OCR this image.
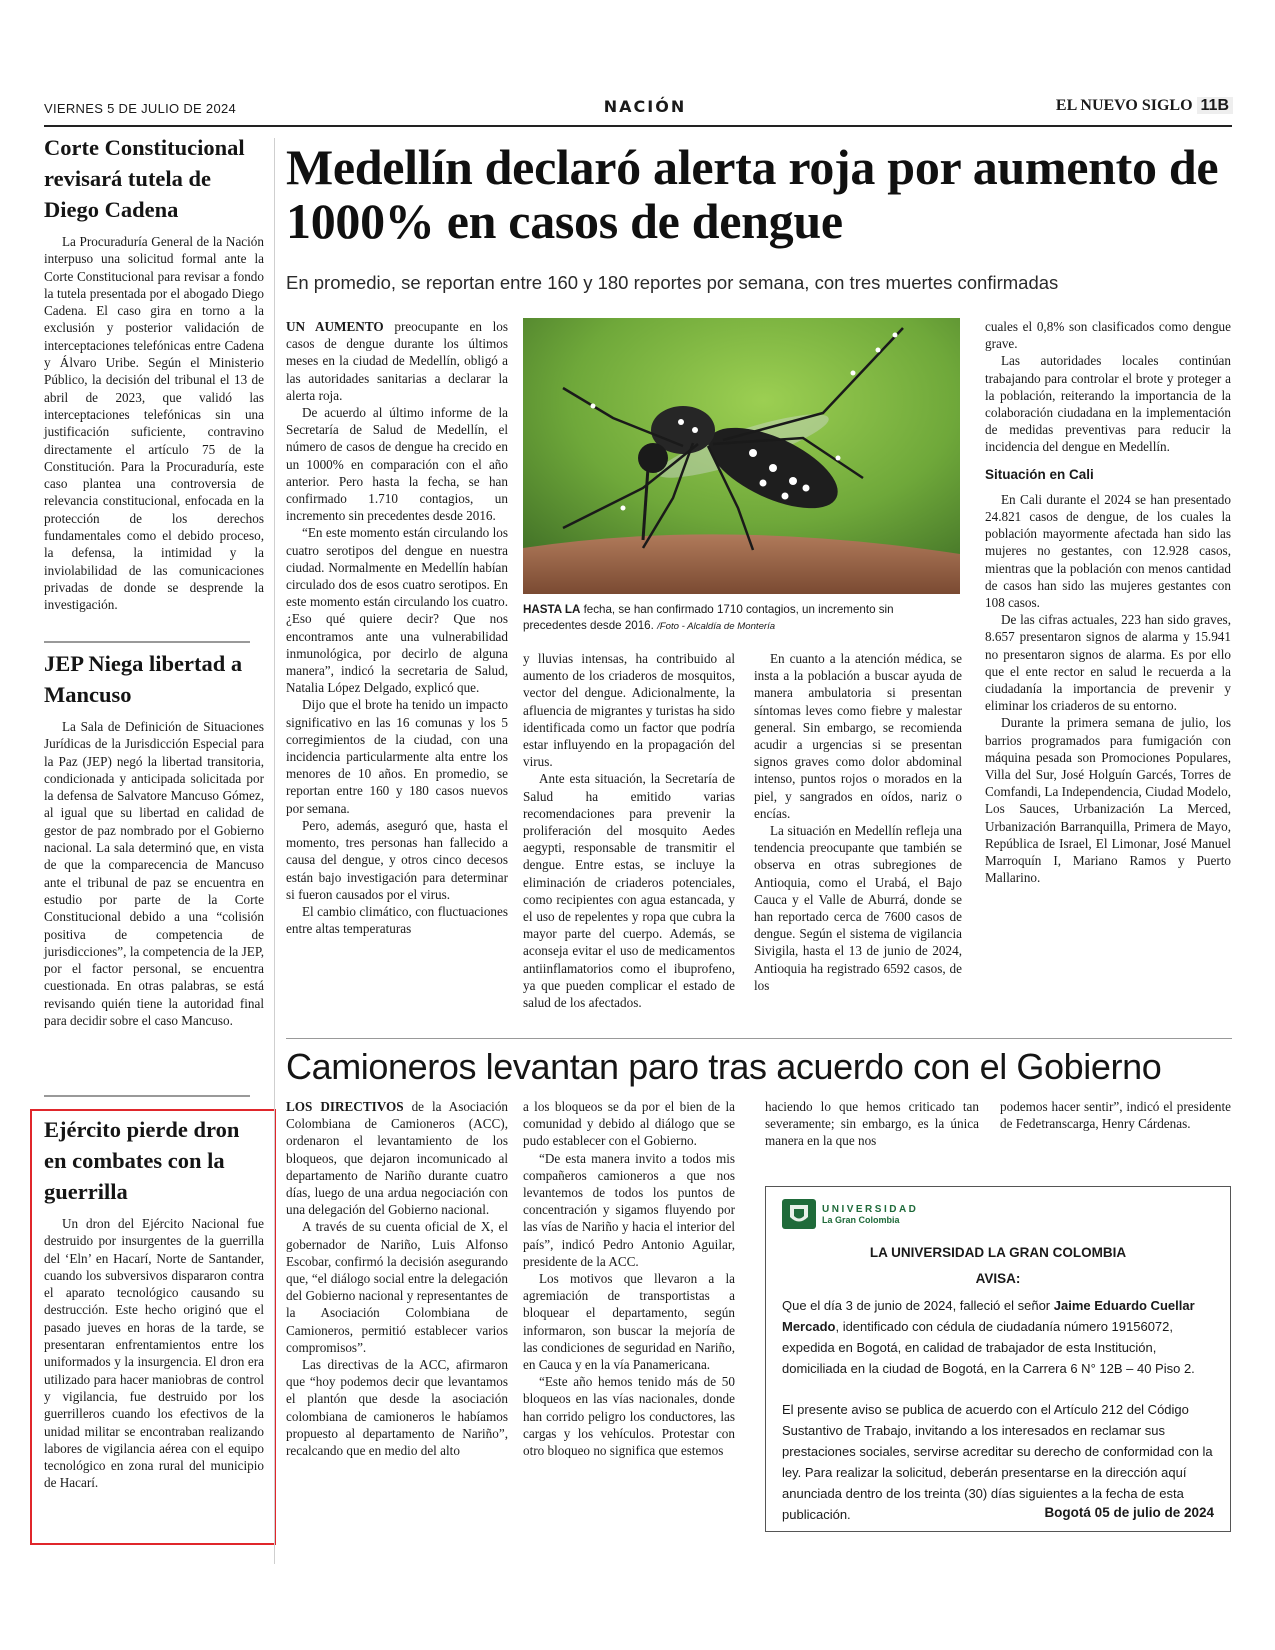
VIERNES 5 DE JULIO DE 2024	NACIÓN	EL NUEVO SIGLO 11B
Corte Constitucional revisará tutela de Diego Cadena

La Procuraduría General de la Nación interpuso una solicitud formal ante la Corte Constitucional para revisar a fondo la tutela presentada por el abogado Diego Cadena. El caso gira en torno a la exclusión y posterior validación de interceptaciones telefónicas entre Cadena y Álvaro Uribe. Según el Ministerio Público, la decisión del tribunal el 13 de abril de 2023, que validó las interceptaciones telefónicas sin una justificación suficiente, contravino directamente el artículo 75 de la Constitución. Para la Procuraduría, este caso plantea una controversia de relevancia constitucional, enfocada en la protección de los derechos fundamentales como el debido proceso, la defensa, la intimidad y la inviolabilidad de las comunicaciones privadas de donde se desprende la investigación.

JEP Niega libertad a Mancuso

La Sala de Definición de Situaciones Jurídicas de la Jurisdicción Especial para la Paz (JEP) negó la libertad transitoria, condicionada y anticipada solicitada por la defensa de Salvatore Mancuso Gómez, al igual que su libertad en calidad de gestor de paz nombrado por el Gobierno nacional. La sala determinó que, en vista de que la comparecencia de Mancuso ante el tribunal de paz se encuentra en estudio por parte de la Corte Constitucional debido a una “colisión positiva de competencia de jurisdicciones”, la competencia de la JEP, por el factor personal, se encuentra cuestionada. En otras palabras, se está revisando quién tiene la autoridad final para decidir sobre el caso Mancuso.

Ejército pierde dron en combates con la guerrilla

Un dron del Ejército Nacional fue destruido por insurgentes de la guerrilla del ‘Eln’ en Hacarí, Norte de Santander, cuando los subversivos dispararon contra el aparato tecnológico causando su destrucción. Este hecho originó que el pasado jueves en horas de la tarde, se presentaran enfrentamientos entre los uniformados y la insurgencia. El dron era utilizado para hacer maniobras de control y vigilancia, fue destruido por los guerrilleros cuando los efectivos de la unidad militar se encontraban realizando labores de vigilancia aérea con el equipo tecnológico en zona rural del municipio de Hacarí.

Medellín declaró alerta roja por aumento de 1000% en casos de dengue
En promedio, se reportan entre 160 y 180 reportes por semana, con tres muertes confirmadas

UN AUMENTO preocupante en los casos de dengue durante los últimos meses en la ciudad de Medellín, obligó a las autoridades sanitarias a declarar la alerta roja.

De acuerdo al último informe de la Secretaría de Salud de Medellín, el número de casos de dengue ha crecido en un 1000% en comparación con el año anterior. Pero hasta la fecha, se han confirmado 1.710 contagios, un incremento sin precedentes desde 2016.

“En este momento están circulando los cuatro serotipos del dengue en nuestra ciudad. Normalmente en Medellín habían circulado dos de esos cuatro serotipos. En este momento están circulando los cuatro. ¿Eso qué quiere decir? Que nos encontramos ante una vulnerabilidad inmunológica, por decirlo de alguna manera”, indicó la secretaria de Salud, Natalia López Delgado, explicó que.

Dijo que el brote ha tenido un impacto significativo en las 16 comunas y los 5 corregimientos de la ciudad, con una incidencia particularmente alta entre los menores de 10 años. En promedio, se reportan entre 160 y 180 casos nuevos por semana.

Pero, además, aseguró que, hasta el momento, tres personas han fallecido a causa del dengue, y otros cinco decesos están bajo investigación para determinar si fueron causados por el virus.

El cambio climático, con fluctuaciones entre altas temperaturas

HASTA LA fecha, se han confirmado 1710 contagios, un incremento sin precedentes desde 2016. /Foto - Alcaldía de Montería

y lluvias intensas, ha contribuido al aumento de los criaderos de mosquitos, vector del dengue. Adicionalmente, la afluencia de migrantes y turistas ha sido identificada como un factor que podría estar influyendo en la propagación del virus.

Ante esta situación, la Secretaría de Salud ha emitido varias recomendaciones para prevenir la proliferación del mosquito Aedes aegypti, responsable de transmitir el dengue. Entre estas, se incluye la eliminación de criaderos potenciales, como recipientes con agua estancada, y el uso de repelentes y ropa que cubra la mayor parte del cuerpo. Además, se aconseja evitar el uso de medicamentos antiinflamatorios como el ibuprofeno, ya que pueden complicar el estado de salud de los afectados.

En cuanto a la atención médica, se insta a la población a buscar ayuda de manera ambulatoria si presentan síntomas leves como fiebre y malestar general. Sin embargo, se recomienda acudir a urgencias si se presentan signos graves como dolor abdominal intenso, puntos rojos o morados en la piel, y sangrados en oídos, nariz o encías.

La situación en Medellín refleja una tendencia preocupante que también se observa en otras subregiones de Antioquia, como el Urabá, el Bajo Cauca y el Valle de Aburrá, donde se han reportado cerca de 7600 casos de dengue. Según el sistema de vigilancia Sivigila, hasta el 13 de junio de 2024, Antioquia ha registrado 6592 casos, de los

cuales el 0,8% son clasificados como dengue grave.

Las autoridades locales continúan trabajando para controlar el brote y proteger a la población, reiterando la importancia de la colaboración ciudadana en la implementación de medidas preventivas para reducir la incidencia del dengue en Medellín.

Situación en Cali

En Cali durante el 2024 se han presentado 24.821 casos de dengue, de los cuales la población mayormente afectada han sido las mujeres no gestantes, con 12.928 casos, mientras que la población con menos cantidad de casos han sido las mujeres gestantes con 108 casos.

De las cifras actuales, 223 han sido graves, 8.657 presentaron signos de alarma y 15.941 no presentaron signos de alarma. Es por ello que el ente rector en salud le recuerda a la ciudadanía la importancia de prevenir y eliminar los criaderos de su entorno.

Durante la primera semana de julio, los barrios programados para fumigación con máquina pesada son Promociones Populares, Villa del Sur, José Holguín Garcés, Torres de Comfandi, La Independencia, Ciudad Modelo, Los Sauces, Urbanización La Merced, Urbanización Barranquilla, Primera de Mayo, República de Israel, El Limonar, José Manuel Marroquín I, Mariano Ramos y Puerto Mallarino.

Camioneros levantan paro tras acuerdo con el Gobierno

LOS DIRECTIVOS de la Asociación Colombiana de Camioneros (ACC), ordenaron el levantamiento de los bloqueos, que dejaron incomunicado al departamento de Nariño durante cuatro días, luego de una ardua negociación con una delegación del Gobierno nacional.

A través de su cuenta oficial de X, el gobernador de Nariño, Luis Alfonso Escobar, confirmó la decisión asegurando que, “el diálogo social entre la delegación del Gobierno nacional y representantes de la Asociación Colombiana de Camioneros, permitió establecer varios compromisos”.

Las directivas de la ACC, afirmaron que “hoy podemos decir que levantamos el plantón que desde la asociación colombiana de camioneros le habíamos propuesto al departamento de Nariño”, recalcando que en medio del alto

a los bloqueos se da por el bien de la comunidad y debido al diálogo que se pudo establecer con el Gobierno.

“De esta manera invito a todos mis compañeros camioneros a que nos levantemos de todos los puntos de concentración y sigamos fluyendo por las vías de Nariño y hacia el interior del país”, indicó Pedro Antonio Aguilar, presidente de la ACC.

Los motivos que llevaron a la agremiación de transportistas a bloquear el departamento, según informaron, son buscar la mejoría de las condiciones de seguridad en Nariño, en Cauca y en la vía Panamericana.

“Este año hemos tenido más de 50 bloqueos en las vías nacionales, donde han corrido peligro los conductores, las cargas y los vehículos. Protestar con otro bloqueo no significa que estemos

haciendo lo que hemos criticado tan severamente; sin embargo, es la única manera en la que nos

podemos hacer sentir”, indicó el presidente de Fedetranscarga, Henry Cárdenas.

UNIVERSIDAD
La Gran Colombia
LA UNIVERSIDAD LA GRAN COLOMBIA
AVISA:
Que el día 3 de junio de 2024, falleció el señor Jaime Eduardo Cuellar Mercado, identificado con cédula de ciudadanía número 19156072, expedida en Bogotá, en calidad de trabajador de esta Institución, domiciliada en la ciudad de Bogotá, en la Carrera 6 N° 12B – 40 Piso 2.
El presente aviso se publica de acuerdo con el Artículo 212 del Código Sustantivo de Trabajo, invitando a los interesados en reclamar sus prestaciones sociales, servirse acreditar su derecho de conformidad con la ley. Para realizar la solicitud, deberán presentarse en la dirección aquí anunciada dentro de los treinta (30) días siguientes a la fecha de esta publicación.	Bogotá 05 de julio de 2024
